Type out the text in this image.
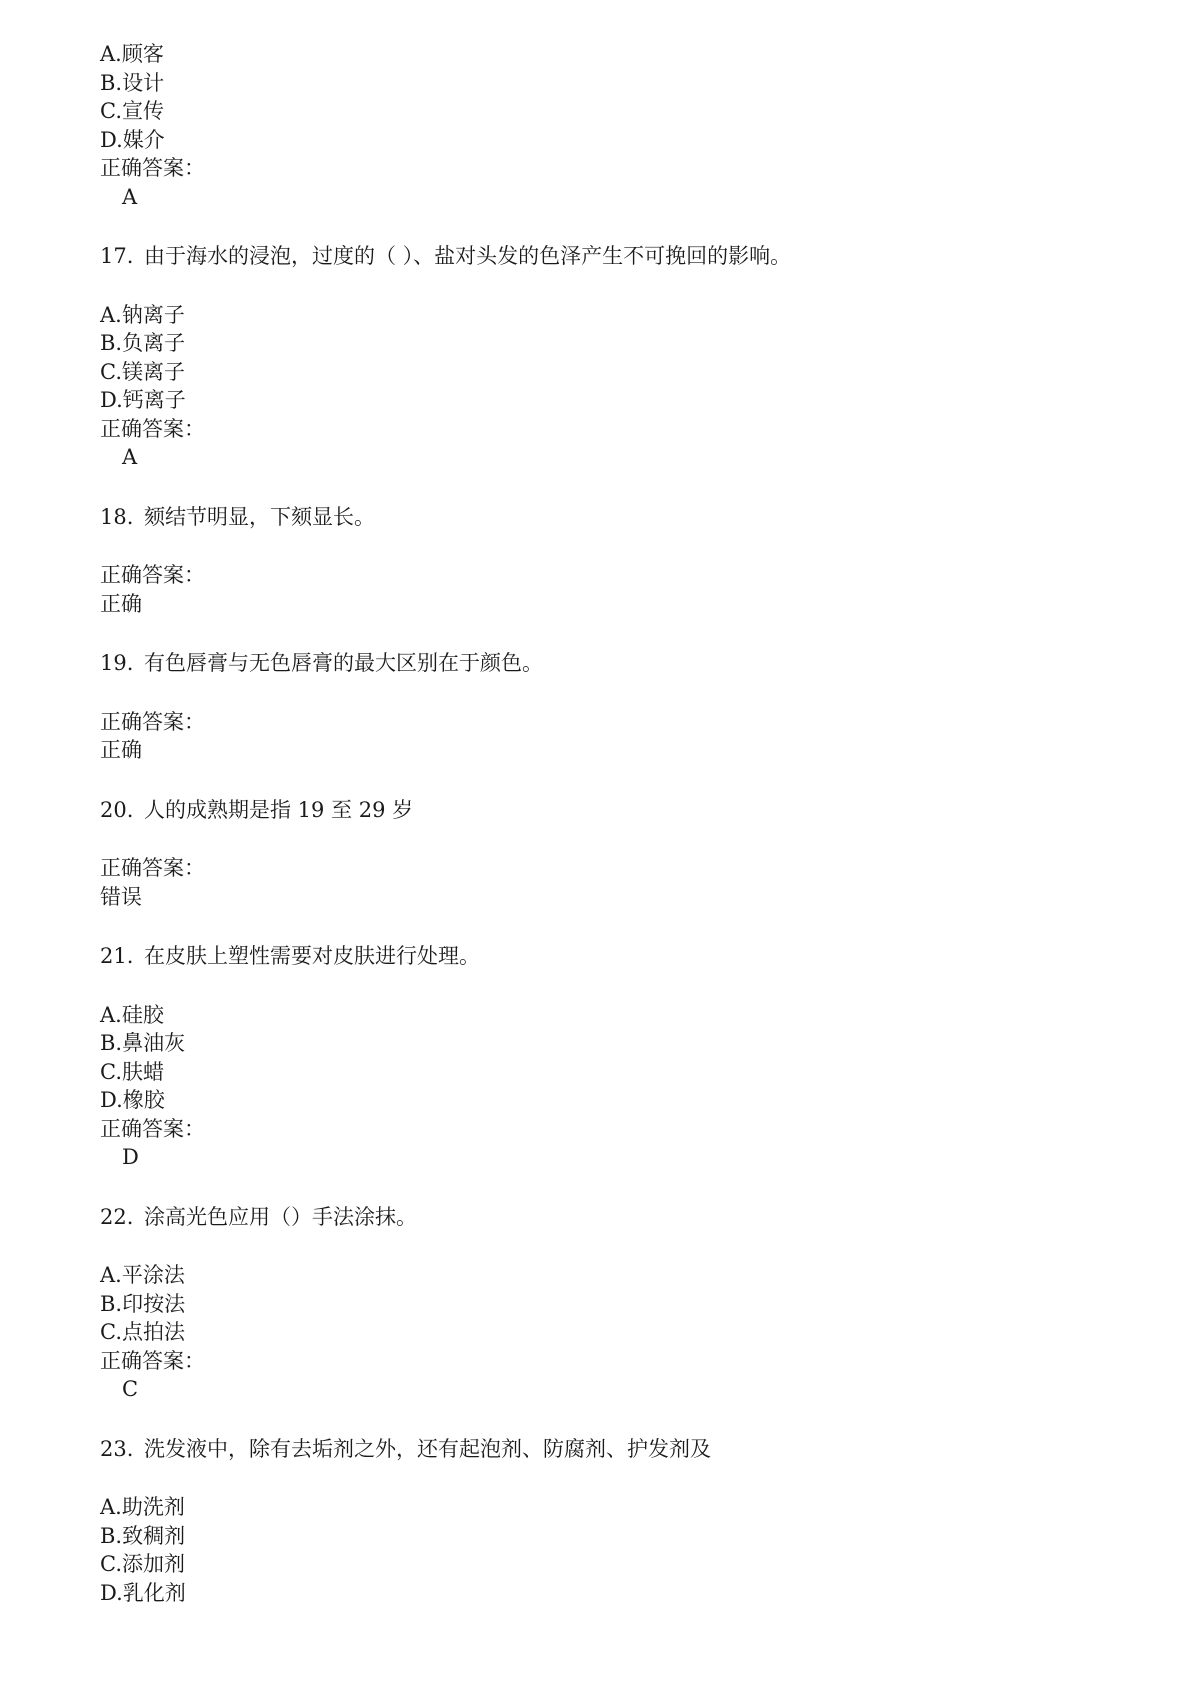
A.顾客
B.设计
C.宣传
D.媒介
正确答案：
A
17. 由于海水的浸泡，过度的（ ）、盐对头发的色泽产生不可挽回的影响。
A.钠离子
B.负离子
C.镁离子
D.钙离子
正确答案：
A
18. 颏结节明显，下颏显长。
正确答案：
正确
19. 有色唇膏与无色唇膏的最大区别在于颜色。
正确答案：
正确
20. 人的成熟期是指 19 至 29 岁
正确答案：
错误
21. 在皮肤上塑性需要对皮肤进行处理。
A.硅胶
B.鼻油灰
C.肤蜡
D.橡胶
正确答案：
D
22. 涂高光色应用（）手法涂抹。
A.平涂法
B.印按法
C.点拍法
正确答案：
C
23. 洗发液中，除有去垢剂之外，还有起泡剂、防腐剂、护发剂及
A.助洗剂
B.致稠剂
C.添加剂
D.乳化剂
